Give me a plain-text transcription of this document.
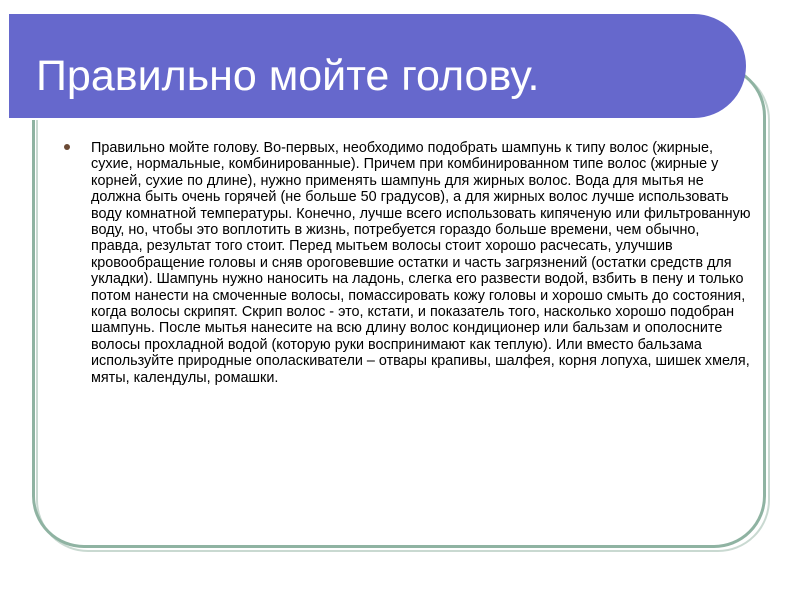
Правильно мойте голову.

Правильно мойте голову. Во-первых, необходимо подобрать шампунь к типу волос (жирные, сухие, нормальные, комбинированные). Причем при комбинированном типе волос (жирные у корней, сухие по длине), нужно применять шампунь для жирных волос. Вода для мытья не должна быть очень горячей (не больше 50 градусов), а для жирных волос лучше использовать воду комнатной температуры. Конечно, лучше всего использовать кипяченую или фильтрованную воду, но, чтобы это воплотить в жизнь, потребуется гораздо больше времени, чем обычно, правда, результат того стоит. Перед мытьем волосы стоит хорошо расчесать, улучшив кровообращение головы и сняв ороговевшие остатки и часть загрязнений (остатки средств для укладки). Шампунь нужно наносить на ладонь, слегка его развести водой, взбить в пену и только потом нанести на смоченные волосы, помассировать кожу головы и хорошо смыть до состояния, когда волосы скрипят. Скрип волос - это, кстати, и показатель того, насколько хорошо подобран шампунь. После мытья нанесите на всю длину волос кондиционер или бальзам и ополосните волосы прохладной водой (которую руки воспринимают как теплую). Или вместо бальзама используйте природные ополаскиватели – отвары крапивы, шалфея, корня лопуха, шишек хмеля, мяты, календулы, ромашки.
